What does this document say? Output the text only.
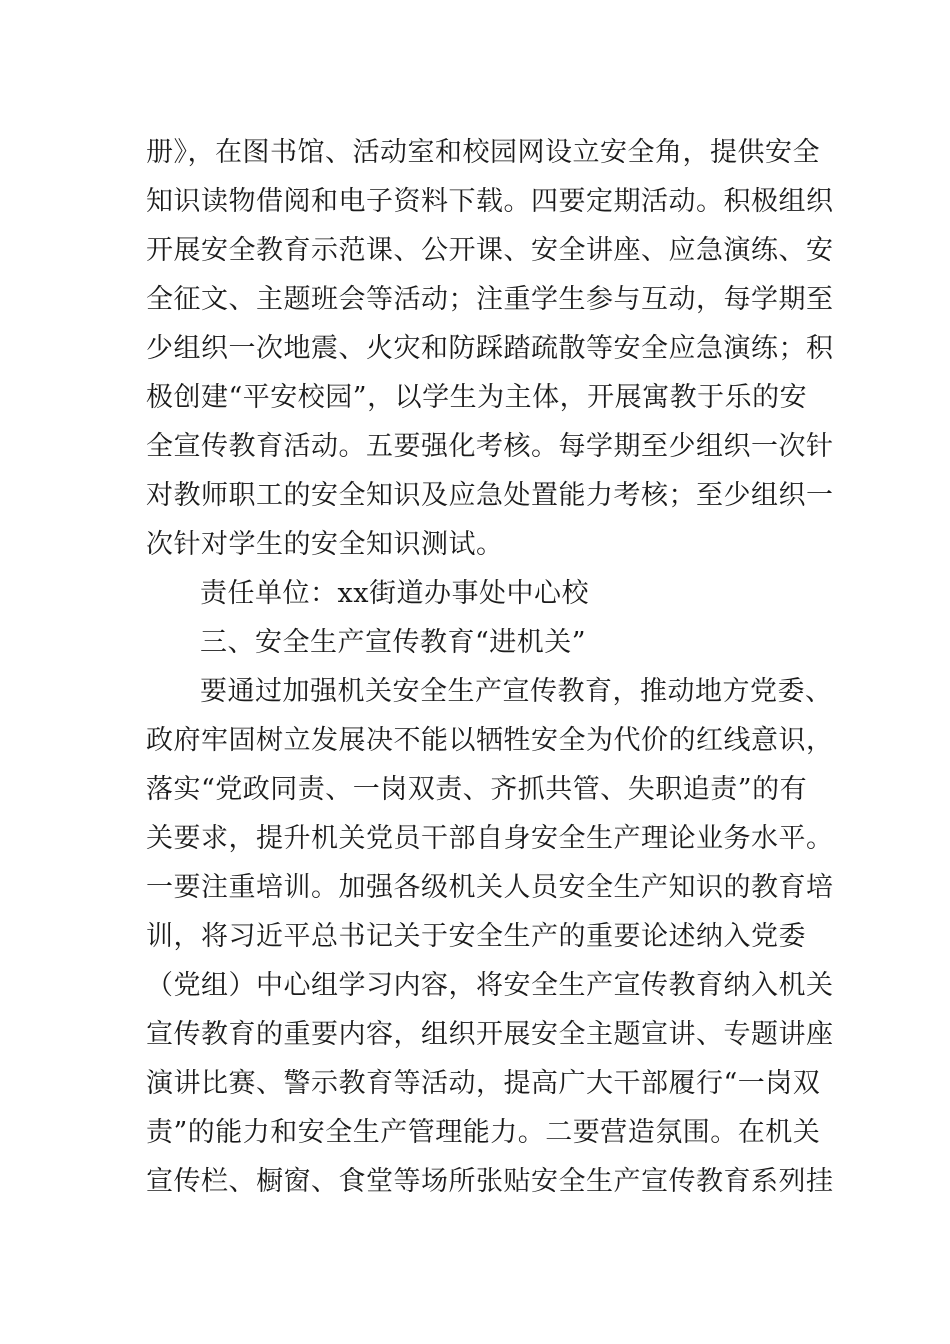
册》，在图书馆、活动室和校园网设立安全角，提供安全
知识读物借阅和电子资料下载。四要定期活动。积极组织
开展安全教育示范课、公开课、安全讲座、应急演练、安
全征文、主题班会等活动；注重学生参与互动，每学期至
少组织一次地震、火灾和防踩踏疏散等安全应急演练；积
极创建“平安校园”，以学生为主体，开展寓教于乐的安
全宣传教育活动。五要强化考核。每学期至少组织一次针
对教师职工的安全知识及应急处置能力考核；至少组织一
次针对学生的安全知识测试。
责任单位：xx街道办事处中心校
三、安全生产宣传教育“进机关”
要通过加强机关安全生产宣传教育，推动地方党委、
政府牢固树立发展决不能以牺牲安全为代价的红线意识，
落实“党政同责、一岗双责、齐抓共管、失职追责”的有
关要求，提升机关党员干部自身安全生产理论业务水平。
一要注重培训。加强各级机关人员安全生产知识的教育培
训，将习近平总书记关于安全生产的重要论述纳入党委
（党组）中心组学习内容，将安全生产宣传教育纳入机关
宣传教育的重要内容，组织开展安全主题宣讲、专题讲座
演讲比赛、警示教育等活动，提高广大干部履行“一岗双
责”的能力和安全生产管理能力。二要营造氛围。在机关
宣传栏、橱窗、食堂等场所张贴安全生产宣传教育系列挂
